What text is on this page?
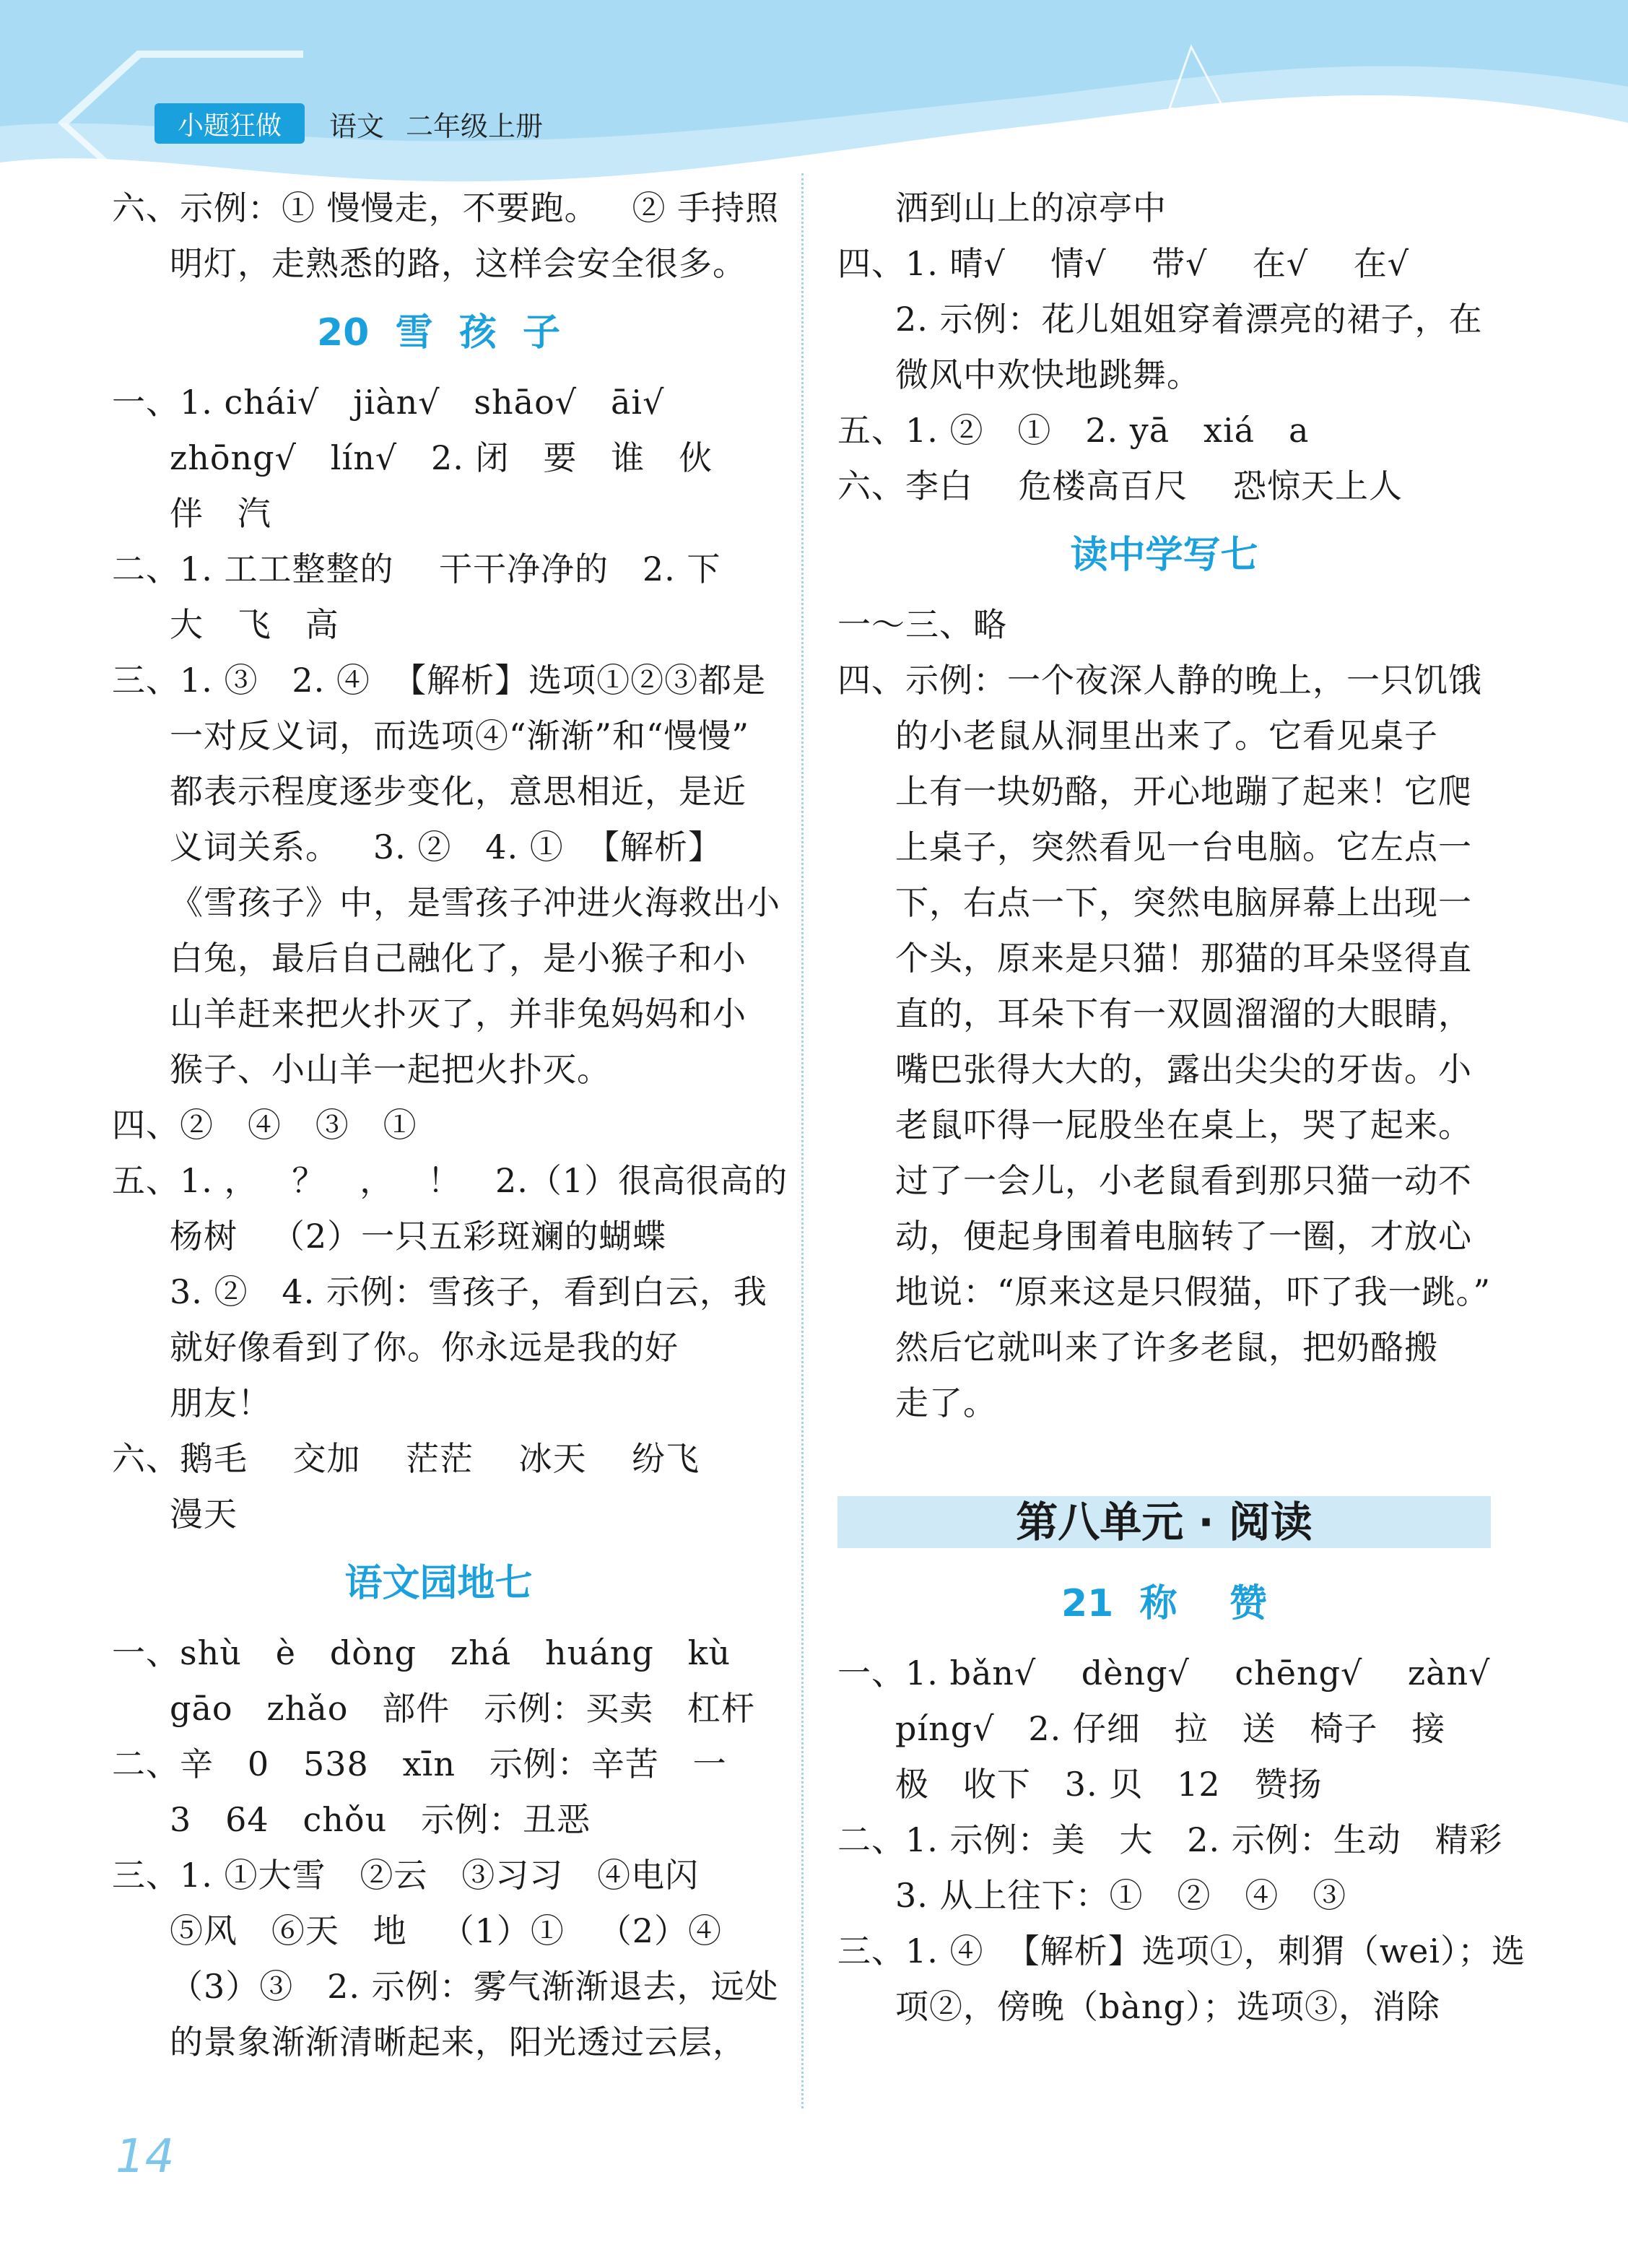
小题狂做	语文 二年级上册
六、示例：① 慢慢走，不要跑。   ② 手持照
明灯，走熟悉的路，这样会安全很多。
20  雪  孩  子
一、1. chái√   jiàn√   shāo√   āi√
zhōng√   lín√   2. 闭   要   谁   伙
伴   汽
二、1. 工工整整的    干干净净的   2. 下
大   飞   高
三、1. ③   2. ④  【解析】选项①②③都是
一对反义词，而选项④“渐渐”和“慢慢”
都表示程度逐步变化，意思相近，是近
义词关系。   3. ②   4. ①  【解析】
《雪孩子》中，是雪孩子冲进火海救出小
白兔，最后自己融化了，是小猴子和小
山羊赶来把火扑灭了，并非兔妈妈和小
猴子、小山羊一起把火扑灭。
四、②   ④   ③   ①
五、1. ，   ？   ，   ！   2.（1）很高很高的
杨树   （2）一只五彩斑斓的蝴蝶
3. ②   4. 示例：雪孩子，看到白云，我
就好像看到了你。你永远是我的好
朋友！
六、鹅毛    交加    茫茫    冰天    纷飞
漫天
语文园地七
一、shù   è   dòng   zhá   huáng   kù
gāo   zhǎo   部件   示例：买卖   杠杆
二、辛   0   538   xīn   示例：辛苦   一
3   64   chǒu   示例：丑恶
三、1. ①大雪   ②云   ③习习   ④电闪
⑤风   ⑥天   地   （1）①   （2）④
（3）③   2. 示例：雾气渐渐退去，远处
的景象渐渐清晰起来，阳光透过云层，
洒到山上的凉亭中
四、1. 晴√    情√    带√    在√    在√
2. 示例：花儿姐姐穿着漂亮的裙子，在
微风中欢快地跳舞。
五、1. ②   ①   2. yā   xiá   a
六、李白    危楼高百尺    恐惊天上人
读中学写七
一～三、略
四、示例：一个夜深人静的晚上，一只饥饿
的小老鼠从洞里出来了。它看见桌子
上有一块奶酪，开心地蹦了起来！它爬
上桌子，突然看见一台电脑。它左点一
下，右点一下，突然电脑屏幕上出现一
个头，原来是只猫！那猫的耳朵竖得直
直的，耳朵下有一双圆溜溜的大眼睛，
嘴巴张得大大的，露出尖尖的牙齿。小
老鼠吓得一屁股坐在桌上，哭了起来。
过了一会儿，小老鼠看到那只猫一动不
动，便起身围着电脑转了一圈，才放心
地说：“原来这是只假猫，吓了我一跳。”
然后它就叫来了许多老鼠，把奶酪搬
走了。
第八单元 · 阅读
21  称    赞
一、1. bǎn√    dèng√    chēng√    zàn√
píng√   2. 仔细   拉   送   椅子   接
极   收下   3. 贝   12   赞扬
二、1. 示例：美   大   2. 示例：生动   精彩
3. 从上往下：①   ②   ④   ③
三、1. ④  【解析】选项①，刺猬（wei）；选
项②，傍晚（bàng）；选项③，消除
14
